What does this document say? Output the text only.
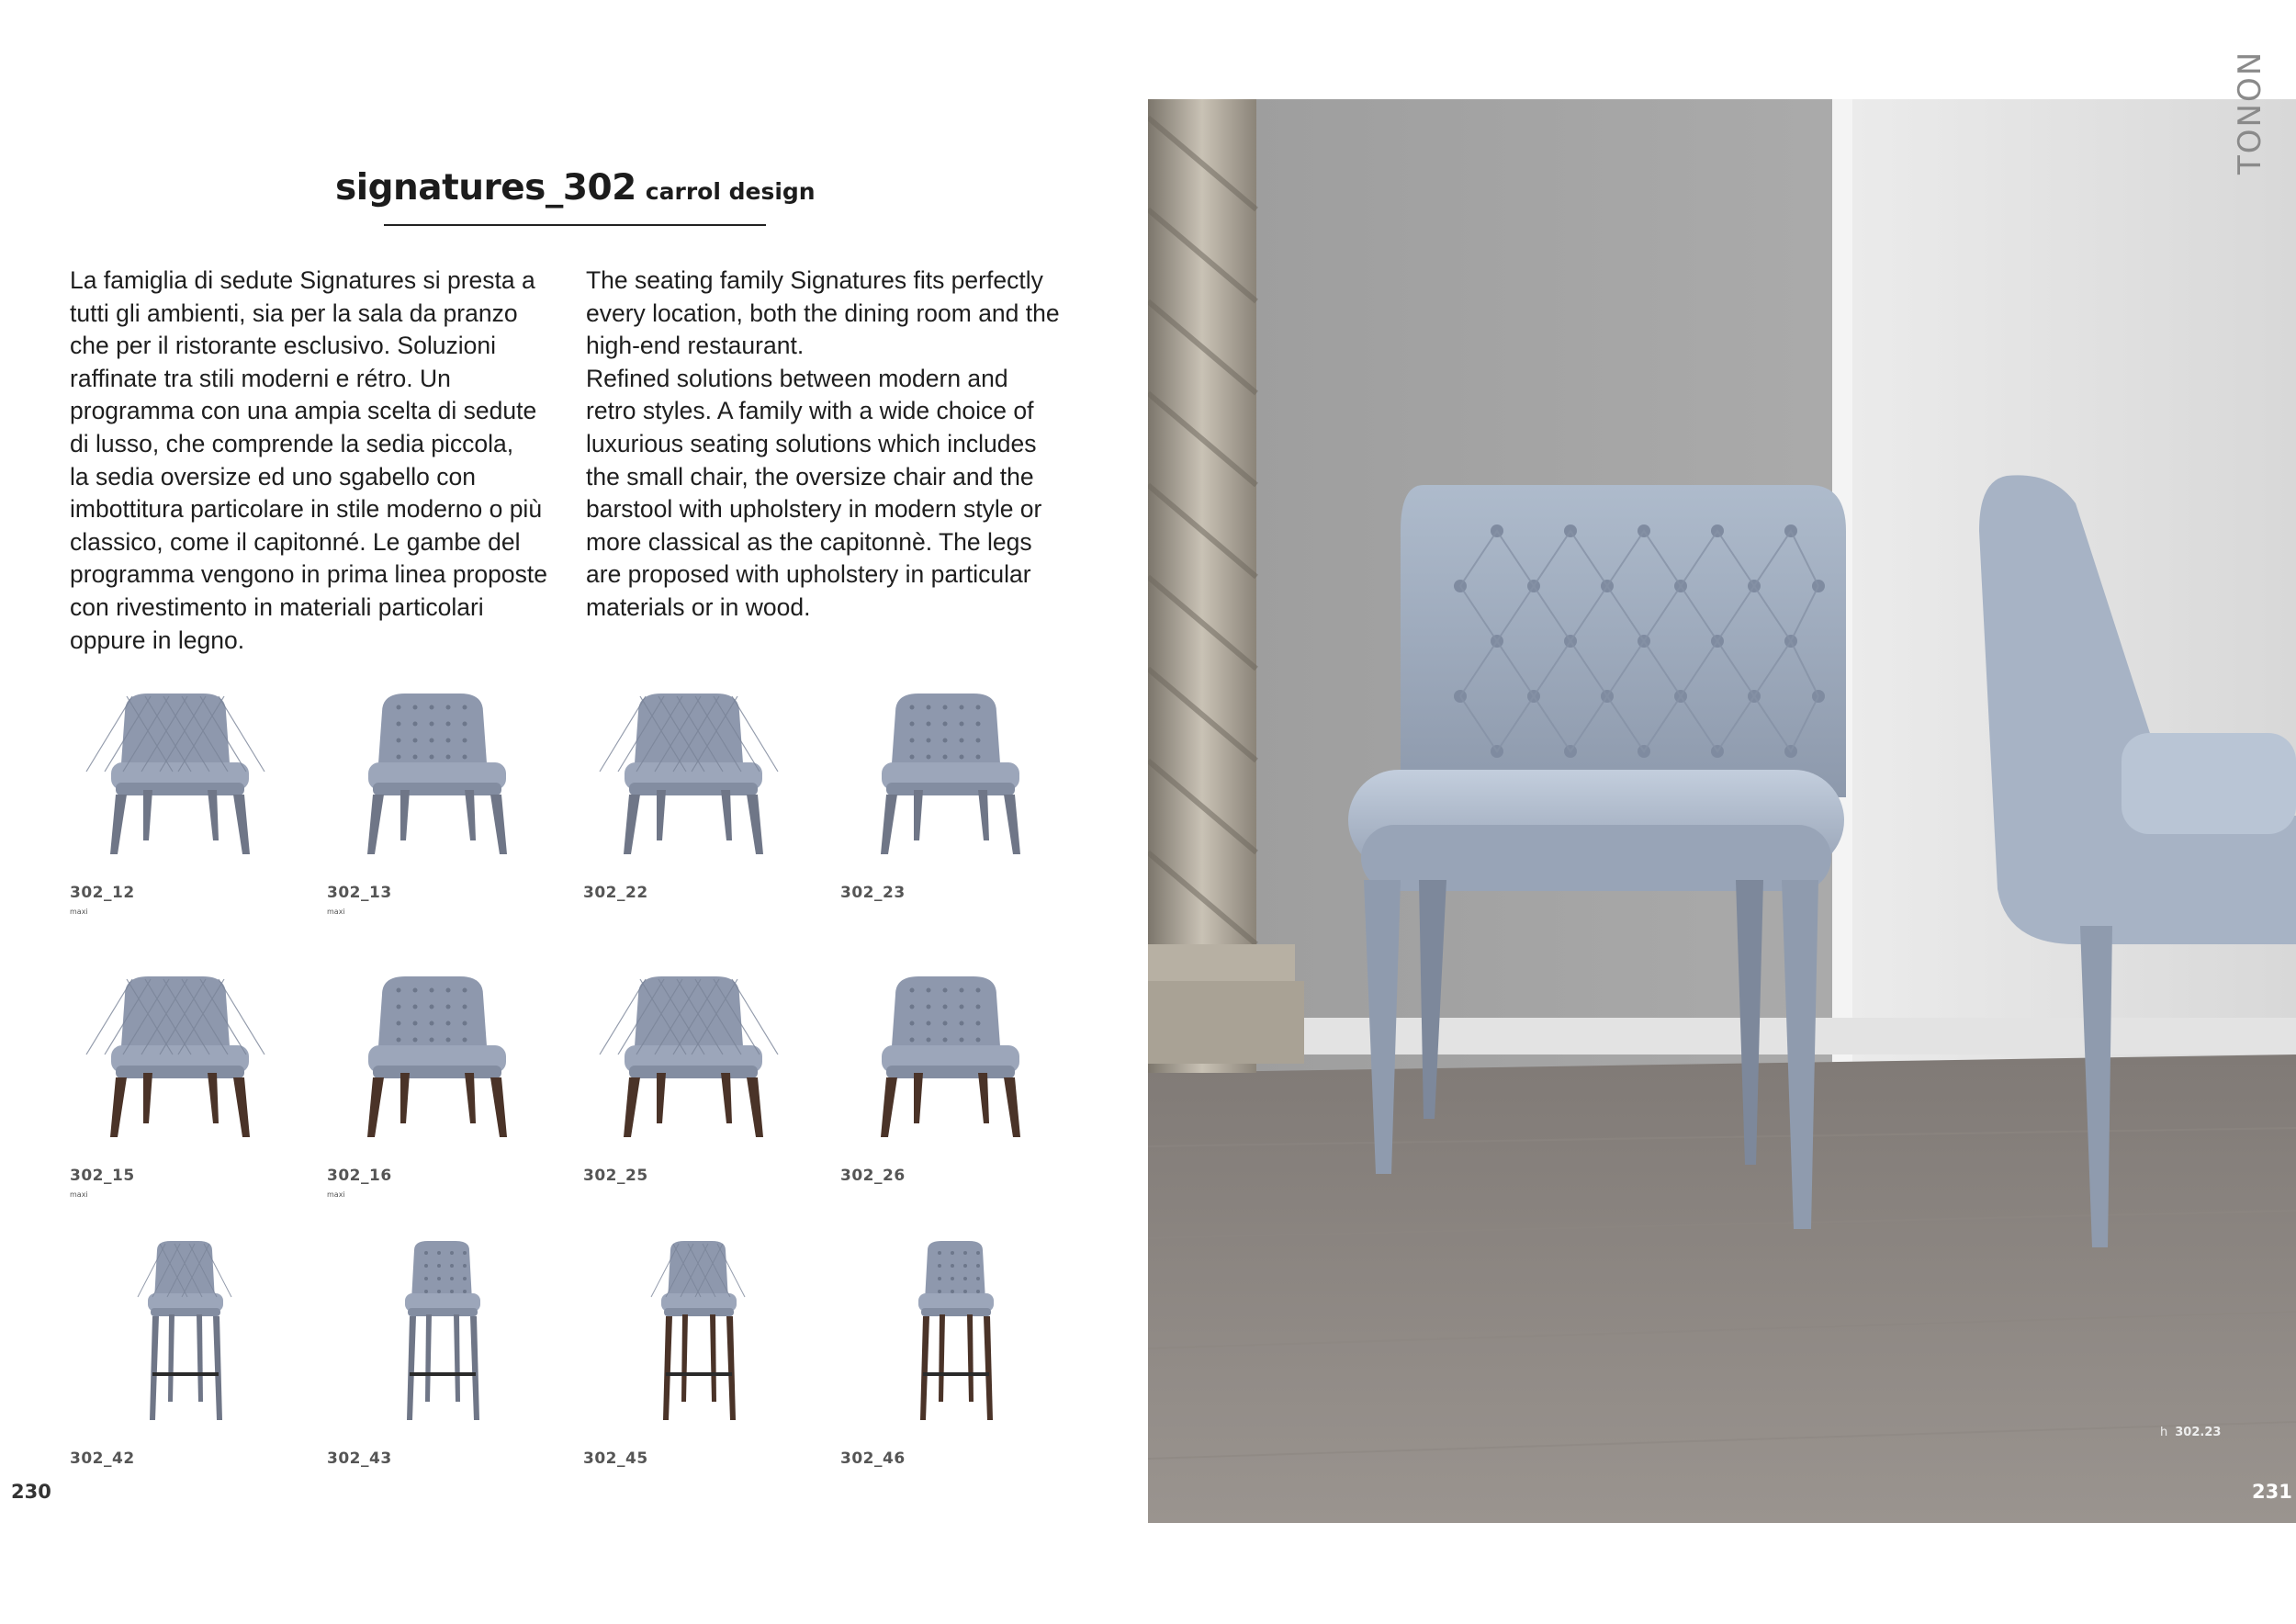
signatures_302 carrol design
La famiglia di sedute Signatures si presta a
tutti gli ambienti, sia per la sala da pranzo
che per il ristorante esclusivo. Soluzioni
raffinate tra stili moderni e rétro. Un
programma con una ampia scelta di sedute
di lusso, che comprende la sedia piccola,
la sedia oversize ed uno sgabello con
imbottitura particolare in stile moderno o più
classico, come il capitonné. Le gambe del
programma vengono in prima linea proposte
con rivestimento in materiali particolari
oppure in legno.
The seating family Signatures fits perfectly
every location, both the dining room and the
high-end restaurant.
Refined solutions between modern and
retro styles. A family with a wide choice of
luxurious seating solutions which includes
the small chair, the oversize chair and the
barstool with upholstery in modern style or
more classical as the capitonnè. The legs
are proposed with upholstery in particular
materials or in wood.
302_12
maxi
302_13
maxi
302_22	302_23
302_15
maxi
302_16
maxi
302_25	302_26
302_42	302_43	302_45	302_46
230
TONON
h 302.23
231
